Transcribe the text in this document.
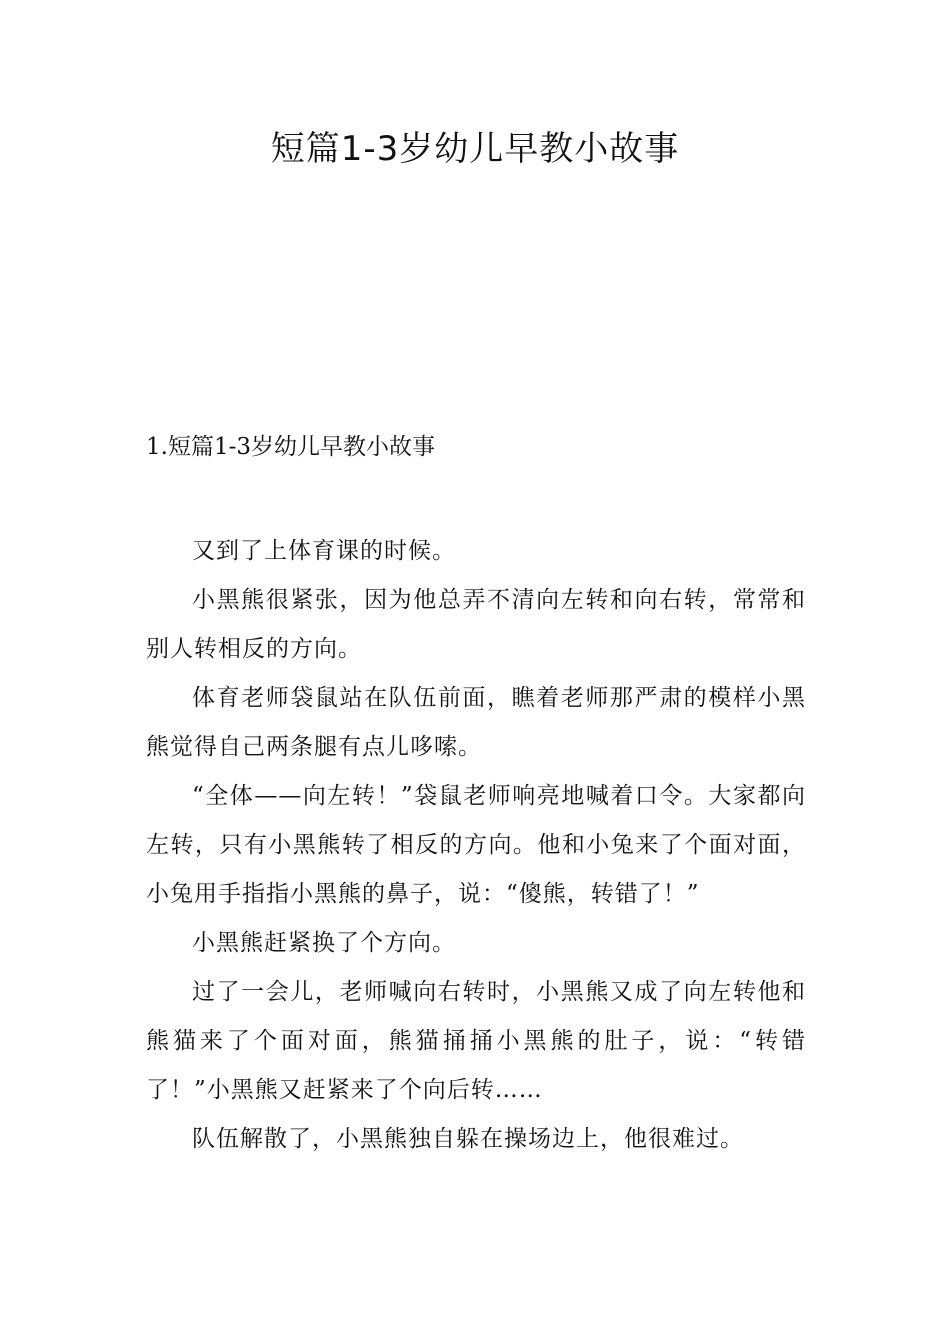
短篇1-3岁幼儿早教小故事
1.短篇1-3岁幼儿早教小故事

又到了上体育课的时候。

小黑熊很紧张，因为他总弄不清向左转和向右转，常常和别人转相反的方向。

体育老师袋鼠站在队伍前面，瞧着老师那严肃的模样小黑熊觉得自己两条腿有点儿哆嗦。

“全体——向左转！”袋鼠老师响亮地喊着口令。大家都向左转，只有小黑熊转了相反的方向。他和小兔来了个面对面，小兔用手指指小黑熊的鼻子，说：“傻熊，转错了！”

小黑熊赶紧换了个方向。

过了一会儿，老师喊向右转时，小黑熊又成了向左转他和熊猫来了个面对面，熊猫捅捅小黑熊的肚子，说：“转错了！”小黑熊又赶紧来了个向后转……

队伍解散了，小黑熊独自躲在操场边上，他很难过。
